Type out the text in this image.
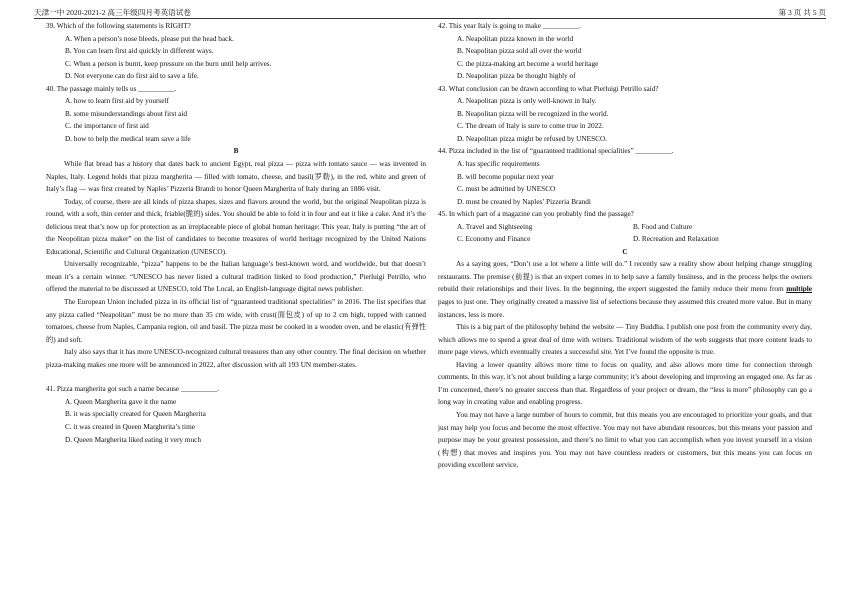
天津一中 2020-2021-2 高三年级四月考英语试卷	第 3 页 共 5 页
39. Which of the following statements is RIGHT?
A. When a person’s nose bleeds, please put the head back.
B. You can learn first aid quickly in different ways.
C. When a person is burnt, keep pressure on the burn until help arrives.
D. Not everyone can do first aid to save a life.
40. The passage mainly tells us __________.
A. how to learn first aid by yourself
B. some misunderstandings about first aid
C. the importance of first aid
D. how to help the medical team save a life
B
While flat bread has a history that dates back to ancient Egypt, real pizza — pizza with tomato sauce — was invented in Naples, Italy. Legend holds that pizza margherita — filled with tomato, cheese, and basil(罗勒), in the red, white and green of Italy’s flag — was first created by Naples’ Pizzeria Brandi to honor Queen Margherita of Italy during an 1886 visit.
Today, of course, there are all kinds of pizza shapes, sizes and flavors around the world, but the original Neapolitan pizza is round, with a soft, thin center and thick, friable(脆的) sides. You should be able to fold it in four and eat it like a cake. And it’s the delicious treat that’s now up for protection as an irreplaceable piece of global human heritage: This year, Italy is putting “the art of the Neopolitan pizza maker” on the list of candidates to become treasures of world heritage recognized by the United Nations Educational, Scientific and Cultural Organization (UNESCO).
Universally recognizable, “pizza” happens to be the Italian language’s best-known word, and worldwide, but that doesn’t mean it’s a certain winner. “UNESCO has never listed a cultural tradition linked to food production,” Pierluigi Petrillo, who offered the material to be discussed at UNESCO, told The Local, an English-language digital news publisher.
The European Union included pizza in its official list of “guaranteed traditional specialities” in 2016. The list specifies that any pizza called “Neapolitan” must be no more than 35 cm wide, with crust(面包皮) of up to 2 cm high, topped with canned tomatoes, cheese from Naples, Campania region, oil and basil. The pizza must be cooked in a wooden oven, and be elastic(有弹性的) and soft.
Italy also says that it has more UNESCO-recognized cultural treasures than any other country. The final decision on whether pizza-making makes one more will be announced in 2022, after discussion with all 193 UN member-states.
41. Pizza margherita got such a name because __________.
A. Queen Margherita gave it the name
B. it was specially created for Queen Margherita
C. it was created in Queen Margherita’s time
D. Queen Margherita liked eating it very much
42. This year Italy is going to make __________.
A. Neapolitan pizza known in the world
B. Neapolitan pizza sold all over the world
C. the pizza-making art become a world heritage
D. Neapolitan pizza be thought highly of
43. What conclusion can be drawn according to what Pierluigi Petrillo said?
A. Neapolitan pizza is only well-known in Italy.
B. Neapolitan pizza will be recognized in the world.
C. The dream of Italy is sure to come true in 2022.
D. Neapolitan pizza might be refused by UNESCO.
44. Pizza included in the list of “guaranteed traditional specialities” __________.
A. has specific requirements
B. will become popular next year
C. must be admitted by UNESCO
D. must be created by Naples’ Pizzeria Brandi
45. In which part of a magazine can you probably find the passage?
A. Travel and Sightseeing	B. Food and Culture
C. Economy and Finance	D. Recreation and Relaxation
C
As a saying goes, “Don’t use a lot where a little will do.” I recently saw a reality show about helping change struggling restaurants. The premise (前提) is that an expert comes in to help save a family business, and in the process helps the owners rebuild their relationships and their lives. In the beginning, the expert suggested the family reduce their menu from multiple pages to just one. They originally created a massive list of selections because they assumed this created more value. But in many instances, less is more.
This is a big part of the philosophy behind the website — Tiny Buddha. I publish one post from the community every day, which allows me to spend a great deal of time with writers. Traditional wisdom of the web suggests that more content leads to more page views, which eventually creates a successful site. Yet I’ve found the opposite is true.
Having a lower quantity allows more time to focus on quality, and also allows more time for connection through comments. In this way, it’s not about building a large community; it’s about developing and improving an engaged one. As far as I’m concerned, there’s no greater success than that. Regardless of your project or dream, the “less is more” philosophy can go a long way in creating value and enabling progress.
You may not have a large number of hours to commit, but this means you are encouraged to prioritize your goals, and that just may help you focus and become the most effective. You may not have abundant resources, but this means your passion and purpose may be your greatest possession, and there’s no limit to what you can accomplish when you invest yourself in a vision (构想) that moves and inspires you. You may not have countless readers or customers, but this means you can focus on providing excellent service,
